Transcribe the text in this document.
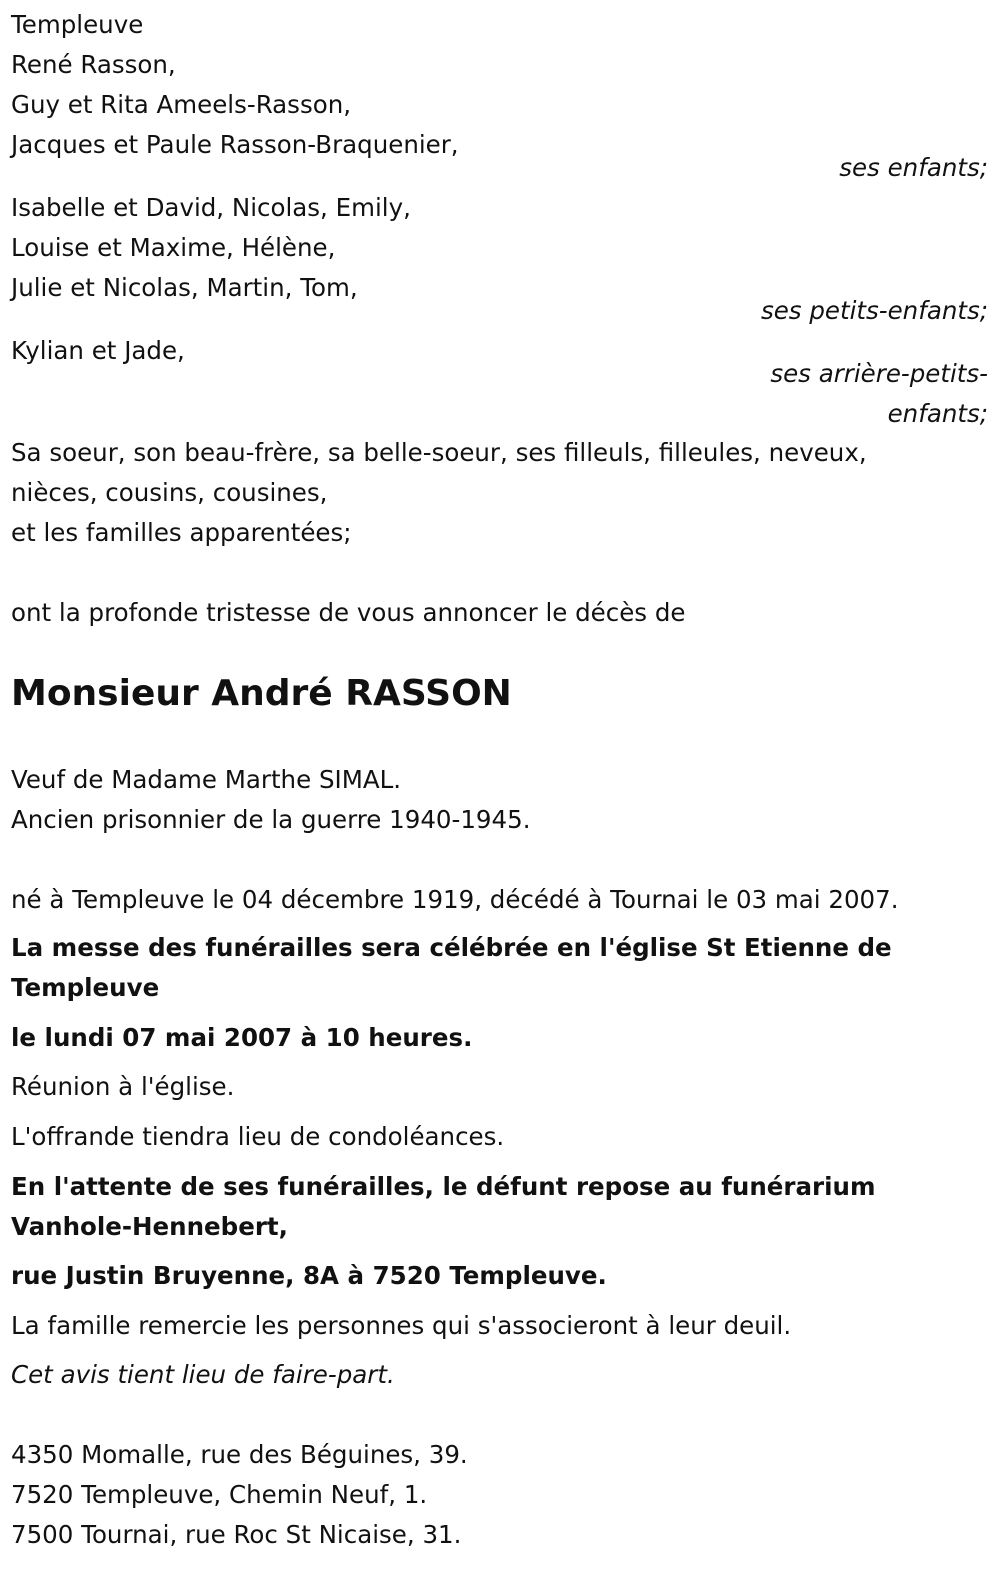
Templeuve
René Rasson,
Guy et Rita Ameels-Rasson,
Jacques et Paule Rasson-Braquenier,
ses enfants;
Isabelle et David, Nicolas, Emily,
Louise et Maxime, Hélène,
Julie et Nicolas, Martin, Tom,
ses petits-enfants;
Kylian et Jade,
ses arrière-petits-
enfants;
Sa soeur, son beau-frère, sa belle-soeur, ses filleuls, filleules, neveux,
nièces, cousins, cousines,
et les familles apparentées;
ont la profonde tristesse de vous annoncer le décès de
Monsieur André RASSON
Veuf de Madame Marthe SIMAL.
Ancien prisonnier de la guerre 1940-1945.
né à Templeuve le 04 décembre 1919, décédé à Tournai le 03 mai 2007.
La messe des funérailles sera célébrée en l'église St Etienne de
Templeuve
le lundi 07 mai 2007 à 10 heures.
Réunion à l'église.
L'offrande tiendra lieu de condoléances.
En l'attente de ses funérailles, le défunt repose au funérarium
Vanhole-Hennebert,
rue Justin Bruyenne, 8A à 7520 Templeuve.
La famille remercie les personnes qui s'associeront à leur deuil.
Cet avis tient lieu de faire-part.
4350 Momalle, rue des Béguines, 39.
7520 Templeuve, Chemin Neuf, 1.
7500 Tournai, rue Roc St Nicaise, 31.
